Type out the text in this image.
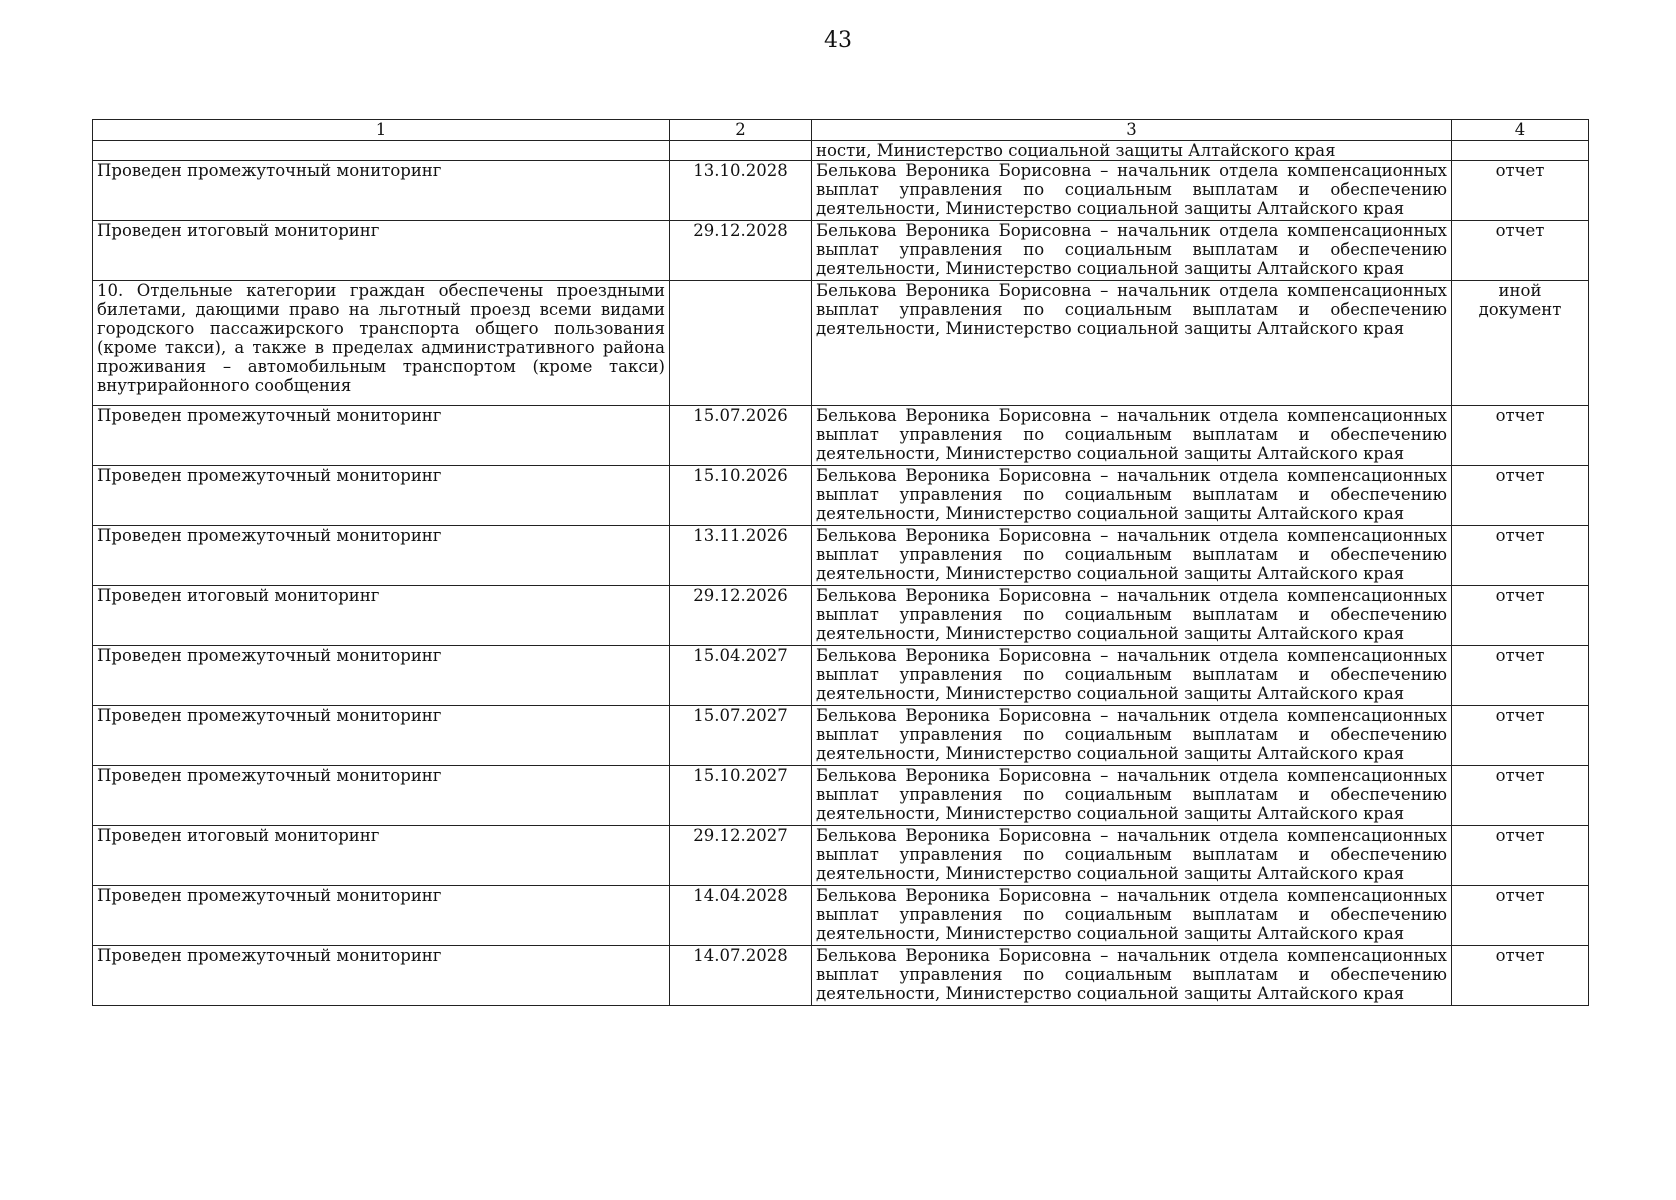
43
1	2	3	4
		ности, Министерство социальной защиты Алтайского края	
Проведен промежуточный мониторинг	13.10.2028	Белькова Вероника Борисовна – начальник отдела компенсационных выплат управления по социальным выплатам и обеспечению деятельности, Министерство социальной защиты Алтайского края	отчет
Проведен итоговый мониторинг	29.12.2028	Белькова Вероника Борисовна – начальник отдела компенсационных выплат управления по социальным выплатам и обеспечению деятельности, Министерство социальной защиты Алтайского края	отчет
10. Отдельные категории граждан обеспечены проездными билетами, дающими право на льготный проезд всеми видами городского пассажирского транспорта общего пользования (кроме такси), а также в пределах административного района проживания – автомобильным транспортом (кроме такси) внутрирайонного сообщения		Белькова Вероника Борисовна – начальник отдела компенсационных выплат управления по социальным выплатам и обеспечению деятельности, Министерство социальной защиты Алтайского края	иной документ
Проведен промежуточный мониторинг	15.07.2026	Белькова Вероника Борисовна – начальник отдела компенсационных выплат управления по социальным выплатам и обеспечению деятельности, Министерство социальной защиты Алтайского края	отчет
Проведен промежуточный мониторинг	15.10.2026	Белькова Вероника Борисовна – начальник отдела компенсационных выплат управления по социальным выплатам и обеспечению деятельности, Министерство социальной защиты Алтайского края	отчет
Проведен промежуточный мониторинг	13.11.2026	Белькова Вероника Борисовна – начальник отдела компенсационных выплат управления по социальным выплатам и обеспечению деятельности, Министерство социальной защиты Алтайского края	отчет
Проведен итоговый мониторинг	29.12.2026	Белькова Вероника Борисовна – начальник отдела компенсационных выплат управления по социальным выплатам и обеспечению деятельности, Министерство социальной защиты Алтайского края	отчет
Проведен промежуточный мониторинг	15.04.2027	Белькова Вероника Борисовна – начальник отдела компенсационных выплат управления по социальным выплатам и обеспечению деятельности, Министерство социальной защиты Алтайского края	отчет
Проведен промежуточный мониторинг	15.07.2027	Белькова Вероника Борисовна – начальник отдела компенсационных выплат управления по социальным выплатам и обеспечению деятельности, Министерство социальной защиты Алтайского края	отчет
Проведен промежуточный мониторинг	15.10.2027	Белькова Вероника Борисовна – начальник отдела компенсационных выплат управления по социальным выплатам и обеспечению деятельности, Министерство социальной защиты Алтайского края	отчет
Проведен итоговый мониторинг	29.12.2027	Белькова Вероника Борисовна – начальник отдела компенсационных выплат управления по социальным выплатам и обеспечению деятельности, Министерство социальной защиты Алтайского края	отчет
Проведен промежуточный мониторинг	14.04.2028	Белькова Вероника Борисовна – начальник отдела компенсационных выплат управления по социальным выплатам и обеспечению деятельности, Министерство социальной защиты Алтайского края	отчет
Проведен промежуточный мониторинг	14.07.2028	Белькова Вероника Борисовна – начальник отдела компенсационных выплат управления по социальным выплатам и обеспечению деятельности, Министерство социальной защиты Алтайского края	отчет
